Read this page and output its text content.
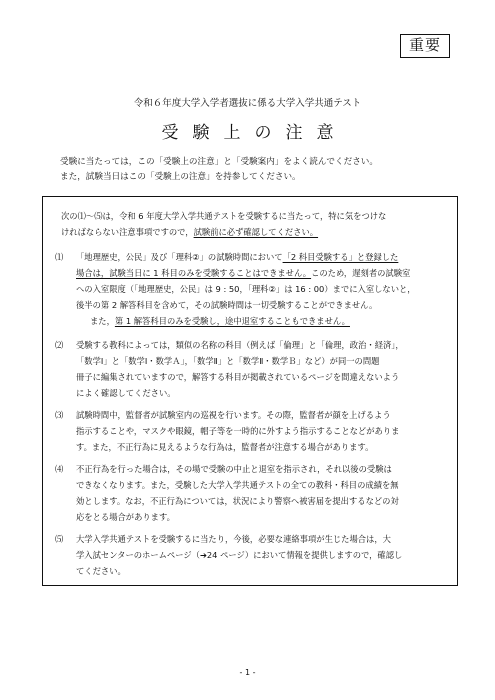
重要
令和６年度大学入学者選抜に係る大学入学共通テスト
受験上の注意
受験に当たっては，この「受験上の注意」と「受験案内」をよく読んでください。
また，試験当日はこの「受験上の注意」を持参してください。
次の⑴～⑸は，令和 6 年度大学入学共通テストを受験するに当たって，特に気をつけな
ければならない注意事項ですので，試験前に必ず確認してください。
⑴ 「地理歴史，公民」及び「理科②」の試験時間において「2 科目受験する」と登録した
場合は，試験当日に 1 科目のみを受験することはできません。このため，遅刻者の試験室
への入室限度（「地理歴史，公民」は 9 : 50，「理科②」は 16 : 00）までに入室しないと，
後半の第 2 解答科目を含めて，その試験時間は一切受験することができません。
また，第 1 解答科目のみを受験し，途中退室することもできません。
⑵ 受験する教科によっては，類似の名称の科目（例えば「倫理」と「倫理，政治・経済」，
「数学Ⅰ」と「数学Ⅰ・数学Ａ」，「数学Ⅱ」と「数学Ⅱ・数学Ｂ」など）が同一の問題
冊子に編集されていますので，解答する科目が掲載されているページを間違えないよう
によく確認してください。
⑶ 試験時間中，監督者が試験室内の巡視を行います。その際，監督者が顔を上げるよう
指示することや，マスクや眼鏡，帽子等を一時的に外すよう指示することなどがありま
す。また，不正行為に見えるような行為は，監督者が注意する場合があります。
⑷ 不正行為を行った場合は，その場で受験の中止と退室を指示され，それ以後の受験は
できなくなります。また，受験した大学入学共通テストの全ての教科・科目の成績を無
効とします。なお，不正行為については，状況により警察へ被害届を提出するなどの対
応をとる場合があります。
⑸ 大学入学共通テストを受験するに当たり，今後，必要な連絡事項が生じた場合は，大
学入試センターのホームページ（➔24 ページ）において情報を提供しますので，確認し
てください。
- 1 -
